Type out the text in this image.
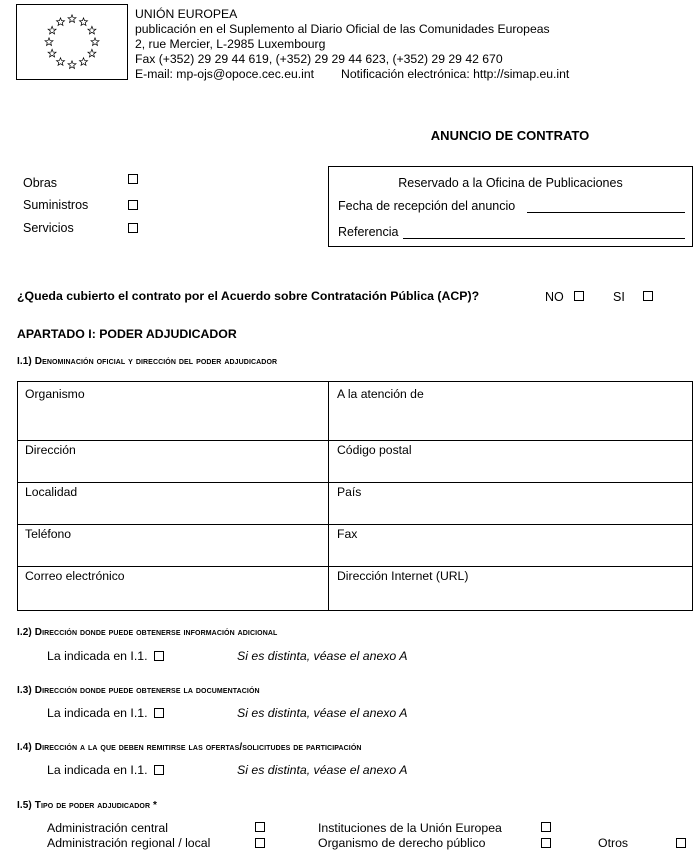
UNIÓN EUROPEA
publicación en el Suplemento al Diario Oficial de las Comunidades Europeas
2, rue Mercier, L-2985 Luxembourg
Fax (+352) 29 29 44 619, (+352) 29 29 44 623, (+352) 29 29 42 670
E-mail: mp-ojs@opoce.cec.eu.int Notificación electrónica: http://simap.eu.int
ANUNCIO DE CONTRATO
Obras
Suministros
Servicios
Reservado a la Oficina de Publicaciones
Fecha de recepción del anuncio
Referencia
¿Queda cubierto el contrato por el Acuerdo sobre Contratación Pública (ACP)?	NO	SI
APARTADO I: PODER ADJUDICADOR
I.1) Denominación oficial y dirección del poder adjudicador
Organismo	A la atención de
Dirección	Código postal
Localidad	País
Teléfono	Fax
Correo electrónico	Dirección Internet (URL)
I.2) Dirección donde puede obtenerse información adicional
La indicada en I.1.	Si es distinta, véase el anexo A
I.3) Dirección donde puede obtenerse la documentación
La indicada en I.1.	Si es distinta, véase el anexo A
I.4) Dirección a la que deben remitirse las ofertas/solicitudes de participación
La indicada en I.1.	Si es distinta, véase el anexo A
I.5) Tipo de poder adjudicador *
Administración central	Instituciones de la Unión Europea
Administración regional / local	Organismo de derecho público	Otros
